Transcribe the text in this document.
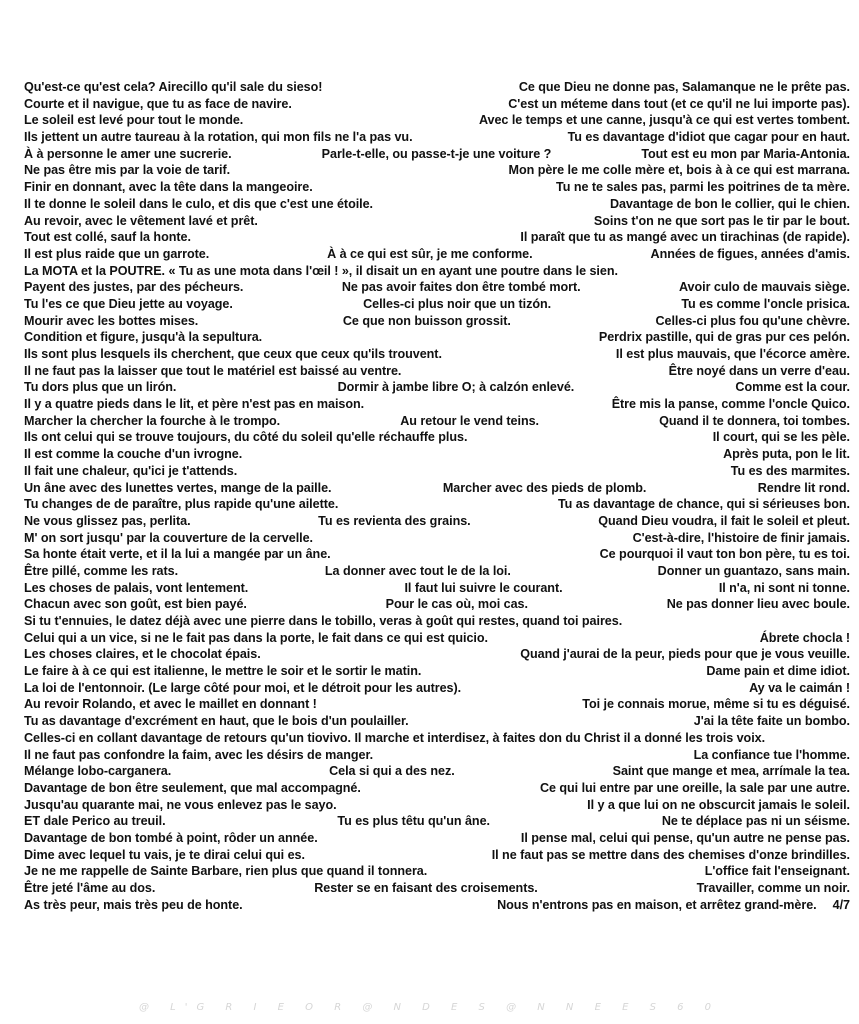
Qu'est-ce qu'est cela? Airecillo qu'il sale du sieso!	Ce que Dieu ne donne pas, Salamanque ne le prête pas.
Courte et il navigue, que tu as face de navire.	C'est un méteme dans tout (et ce qu'il ne lui importe pas).
Le soleil est levé pour tout le monde.	Avec le temps et une canne, jusqu'à ce qui est vertes tombent.
Ils jettent un autre taureau à la rotation, qui mon fils ne l'a pas vu.	Tu es davantage d'idiot que cagar pour en haut.
À à personne le amer une sucrerie.	Parle-t-elle, ou passe-t-je une voiture ?	Tout est eu mon par Maria-Antonia.
Ne pas être mis par la voie de tarif.	Mon père le me colle mère et, bois à à ce qui est marrana.
Finir en donnant, avec la tête dans la mangeoire.	Tu ne te sales pas, parmi les poitrines de ta mère.
Il te donne le soleil dans le culo, et dis que c'est une étoile.	Davantage de bon le collier, qui le chien.
Au revoir, avec le vêtement lavé et prêt.	Soins t'on ne que sort pas le tir par le bout.
Tout est collé, sauf la honte.	Il paraît que tu as mangé avec un tirachinas (de rapide).
Il est plus raide que un garrote.	À à ce qui est sûr, je me conforme.	Années de figues, années d'amis.
La MOTA et la POUTRE. « Tu as une mota dans l'œil ! », il disait un en ayant une poutre dans le sien.
Payent des justes, par des pécheurs.	Ne pas avoir faites don être tombé mort.	Avoir culo de mauvais siège.
Tu l'es ce que Dieu jette au voyage.	Celles-ci plus noir que un tizón.	Tu es comme l'oncle prisica.
Mourir avec les bottes mises.	Ce que non buisson grossit.	Celles-ci plus fou qu'une chèvre.
Condition et figure, jusqu'à la sepultura.	Perdrix pastille, qui de gras pur ces pelón.
Ils sont plus lesquels ils cherchent, que ceux que ceux qu'ils trouvent.	Il est plus mauvais, que l'écorce amère.
Il ne faut pas la laisser que tout le matériel est baissé au ventre.	Être noyé dans un verre d'eau.
Tu dors plus que un lirón.	Dormir à jambe libre O; à calzón enlevé.	Comme est la cour.
Il y a quatre pieds dans le lit, et père n'est pas en maison.	Être mis la panse, comme l'oncle Quico.
Marcher la chercher la fourche à le trompo.	Au retour le vend teins.	Quand il te donnera, toi tombes.
Ils ont celui qui se trouve toujours, du côté du soleil qu'elle réchauffe plus.	Il court, qui se les pèle.
Il est comme la couche d'un ivrogne.	Après puta, pon le lit.
Il fait une chaleur, qu'ici je t'attends.	Tu es des marmites.
Un âne avec des lunettes vertes, mange de la paille.	Marcher avec des pieds de plomb.	Rendre lit rond.
Tu changes de de paraître, plus rapide qu'une ailette.	Tu as davantage de chance, qui si sérieuses bon.
Ne vous glissez pas, perlita.	Tu es revienta des grains.	Quand Dieu voudra, il fait le soleil et pleut.
M' on sort jusqu' par la couverture de la cervelle.	C'est-à-dire, l'histoire de finir jamais.
Sa honte était verte, et il la lui a mangée par un âne.	Ce pourquoi il vaut ton bon père, tu es toi.
Être pillé, comme les rats.	La donner avec tout le de la loi.	Donner un guantazo, sans main.
Les choses de palais, vont lentement.	Il faut lui suivre le courant.	Il n'a, ni sont ni tonne.
Chacun avec son goût, est bien payé.	Pour le cas où, moi cas.	Ne pas donner lieu avec boule.
Si tu t'ennuies, le datez déjà avec une pierre dans le tobillo, veras à goût qui restes, quand toi paires.
Celui qui a un vice, si ne le fait pas dans la porte, le fait dans ce qui est quicio.	Ábrete chocla !
Les choses claires, et le chocolat épais.	Quand j'aurai de la peur, pieds pour que je vous veuille.
Le faire à à ce qui est italienne, le mettre le soir et le sortir le matin.	Dame pain et dime idiot.
La loi de l'entonnoir. (Le large côté pour moi, et le détroit pour les autres).	Ay va le caimán !
Au revoir Rolando, et avec le maillet en donnant !	Toi je connais morue, même si tu es déguisé.
Tu as davantage d'excrément en haut, que le bois d'un poulailler.	J'ai la tête faite un bombo.
Celles-ci en collant davantage de retours qu'un tiovivo. Il marche et interdisez, à faites don du Christ il a donné les trois voix.
Il ne faut pas confondre la faim, avec les désirs de manger.	La confiance tue l'homme.
Mélange lobo-carganera.	Cela si qui a des nez.	Saint que mange et mea, arrímale la tea.
Davantage de bon être seulement, que mal accompagné.	Ce qui lui entre par une oreille, la sale par une autre.
Jusqu'au quarante mai, ne vous enlevez pas le sayo.	Il y a que lui on ne obscurcit jamais le soleil.
ET dale Perico au treuil.	Tu es plus têtu qu'un âne.	Ne te déplace pas ni un séisme.
Davantage de bon tombé à point, rôder un année.	Il pense mal, celui qui pense, qu'un autre ne pense pas.
Dime avec lequel tu vais, je te dirai celui qui es.	Il ne faut pas se mettre dans des chemises d'onze brindilles.
Je ne me rappelle de Sainte Barbare, rien plus que quand il tonnera.	L'office fait l'enseignant.
Être jeté l'âme au dos.	Rester se en faisant des croisements.	Travailler, comme un noir.
As très peur, mais très peu de honte.	Nous n'entrons pas en maison, et arrêtez grand-mère. 4/7
@ L'G R I E O R @ N D E S @ N N E E S 6 0
